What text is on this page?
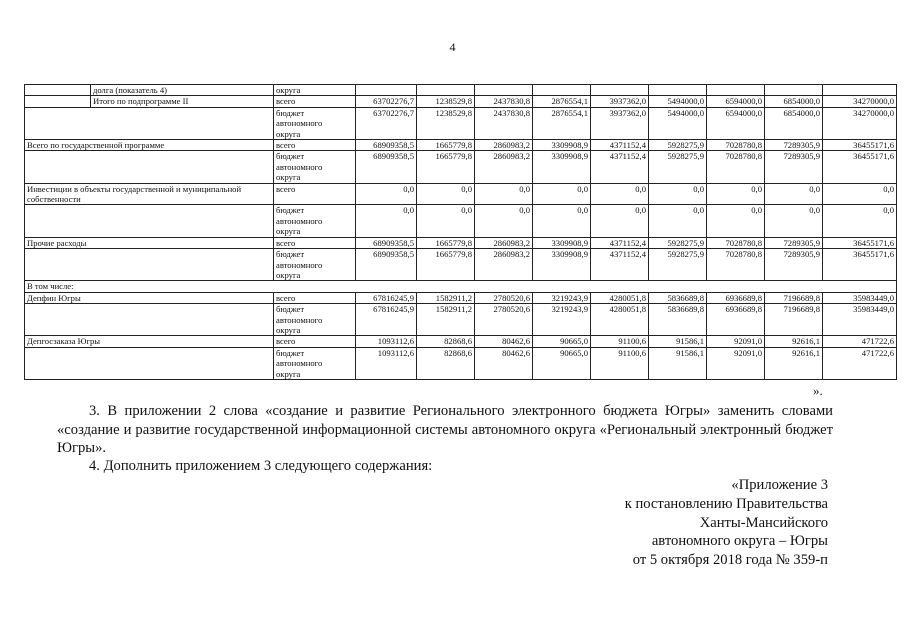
4
	долга (показатель 4)	округа									
	Итого по подпрограмме II	всего	63702276,7	1238529,8	2437830,8	2876554,1	3937362,0	5494000,0	6594000,0	6854000,0	34270000,0
		бюджет
автономного
округа	63702276,7	1238529,8	2437830,8	2876554,1	3937362,0	5494000,0	6594000,0	6854000,0	34270000,0
Всего по государственной программе		всего	68909358,5	1665779,8	2860983,2	3309908,9	4371152,4	5928275,9	7028780,8	7289305,9	36455171,6
		бюджет
автономного
округа	68909358,5	1665779,8	2860983,2	3309908,9	4371152,4	5928275,9	7028780,8	7289305,9	36455171,6
Инвестиции в объекты государственной и муниципальной собственности		всего	0,0	0,0	0,0	0,0	0,0	0,0	0,0	0,0	0,0
		бюджет
автономного
округа	0,0	0,0	0,0	0,0	0,0	0,0	0,0	0,0	0,0
Прочие расходы		всего	68909358,5	1665779,8	2860983,2	3309908,9	4371152,4	5928275,9	7028780,8	7289305,9	36455171,6
		бюджет
автономного
округа	68909358,5	1665779,8	2860983,2	3309908,9	4371152,4	5928275,9	7028780,8	7289305,9	36455171,6
В том числе:											
Депфин Югры		всего	67816245,9	1582911,2	2780520,6	3219243,9	4280051,8	5836689,8	6936689,8	7196689,8	35983449,0
		бюджет
автономного
округа	67816245,9	1582911,2	2780520,6	3219243,9	4280051,8	5836689,8	6936689,8	7196689,8	35983449,0
Депгосзаказа Югры		всего	1093112,6	82868,6	80462,6	90665,0	91100,6	91586,1	92091,0	92616,1	471722,6
		бюджет
автономного
округа	1093112,6	82868,6	80462,6	90665,0	91100,6	91586,1	92091,0	92616,1	471722,6
».
3. В приложении 2 слова «создание и развитие Регионального электронного бюджета Югры» заменить словами «создание и развитие государственной информационной системы автономного округа «Региональный электронный бюджет Югры».
4. Дополнить приложением 3 следующего содержания:
«Приложение 3
к постановлению Правительства
Ханты-Мансийского
автономного округа – Югры
от 5 октября 2018 года № 359-п
